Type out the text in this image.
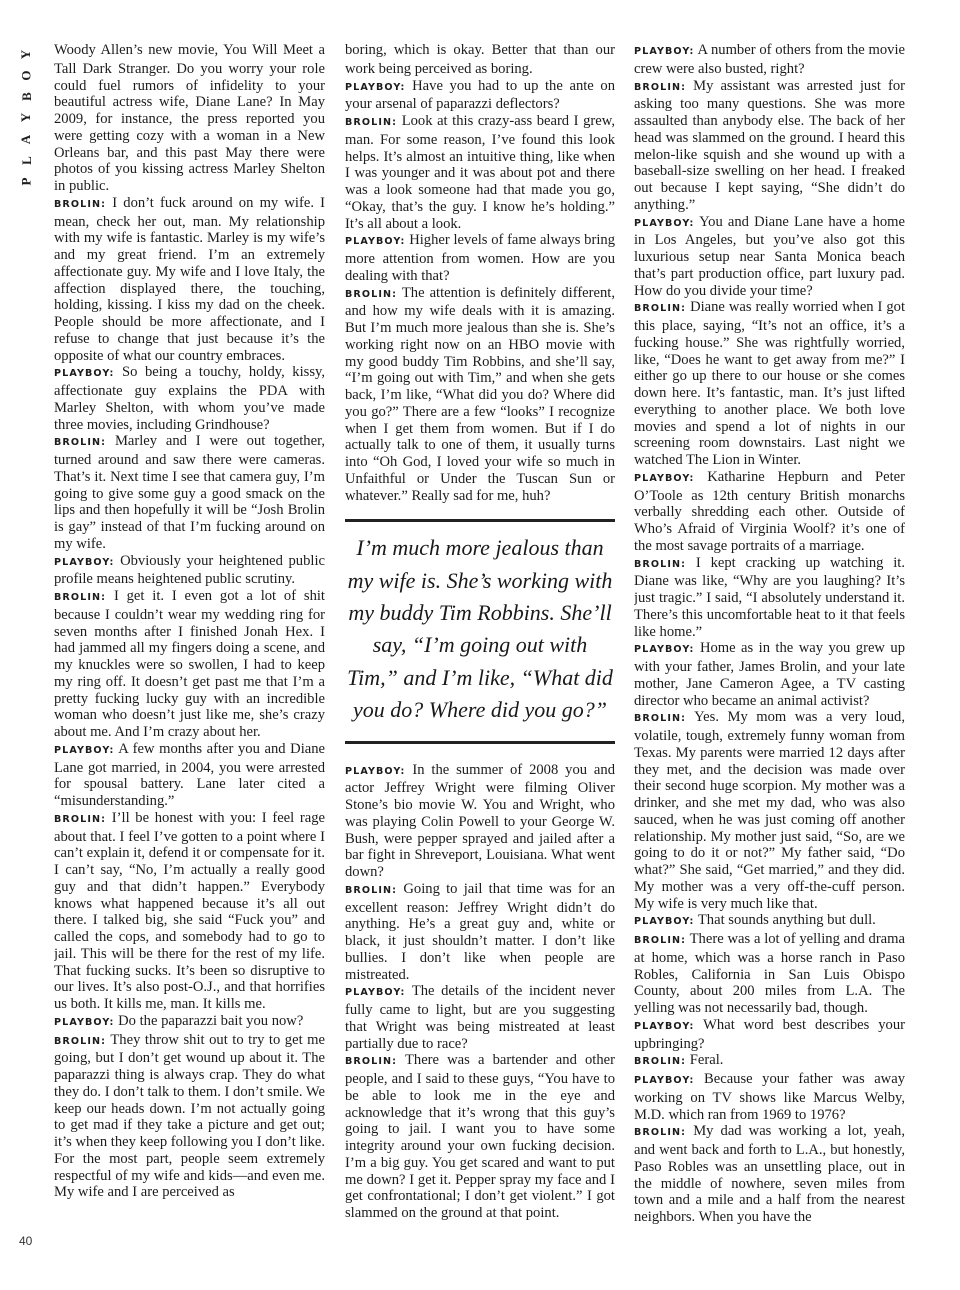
Y
O
B
Y
A
L
P
40

Woody Allen’s new movie, You Will Meet a Tall Dark Stranger. Do you worry your role could fuel rumors of infidelity to your beautiful actress wife, Diane Lane? In May 2009, for instance, the press reported you were getting cozy with a woman in a New Orleans bar, and this past May there were photos of you kissing actress Marley Shelton in public.

BROLIN: I don’t fuck around on my wife. I mean, check her out, man. My relationship with my wife is fantastic. Marley is my wife’s and my great friend. I’m an extremely affectionate guy. My wife and I love Italy, the affection displayed there, the touching, holding, kissing. I kiss my dad on the cheek. People should be more affectionate, and I refuse to change that just because it’s the opposite of what our country embraces.

PLAYBOY: So being a touchy, holdy, kissy, affectionate guy explains the PDA with Marley Shelton, with whom you’ve made three movies, including Grindhouse?

BROLIN: Marley and I were out together, turned around and saw there were cameras. That’s it. Next time I see that camera guy, I’m going to give some guy a good smack on the lips and then hopefully it will be “Josh Brolin is gay” instead of that I’m fucking around on my wife.

PLAYBOY: Obviously your heightened public profile means heightened public scrutiny.

BROLIN: I get it. I even got a lot of shit because I couldn’t wear my wedding ring for seven months after I finished Jonah Hex. I had jammed all my fingers doing a scene, and my knuckles were so swollen, I had to keep my ring off. It doesn’t get past me that I’m a pretty fucking lucky guy with an incredible woman who doesn’t just like me, she’s crazy about me. And I’m crazy about her.

PLAYBOY: A few months after you and Diane Lane got married, in 2004, you were arrested for spousal battery. Lane later cited a “misunderstanding.”

BROLIN: I’ll be honest with you: I feel rage about that. I feel I’ve gotten to a point where I can’t explain it, defend it or compensate for it. I can’t say, “No, I’m actually a really good guy and that didn’t happen.” Everybody knows what happened because it’s all out there. I talked big, she said “Fuck you” and called the cops, and somebody had to go to jail. This will be there for the rest of my life. That fucking sucks. It’s been so disruptive to our lives. It’s also post-O.J., and that horrifies us both. It kills me, man. It kills me.

PLAYBOY: Do the paparazzi bait you now?

BROLIN: They throw shit out to try to get me going, but I don’t get wound up about it. The paparazzi thing is always crap. They do what they do. I don’t talk to them. I don’t smile. We keep our heads down. I’m not actually going to get mad if they take a picture and get out; it’s when they keep following you I don’t like. For the most part, people seem extremely respectful of my wife and kids—and even me. My wife and I are perceived as

boring, which is okay. Better that than our work being perceived as boring.

PLAYBOY: Have you had to up the ante on your arsenal of paparazzi deflectors?

BROLIN: Look at this crazy-ass beard I grew, man. For some reason, I’ve found this look helps. It’s almost an intuitive thing, like when I was younger and it was about pot and there was a look someone had that made you go, “Okay, that’s the guy. I know he’s holding.” It’s all about a look.

PLAYBOY: Higher levels of fame always bring more attention from women. How are you dealing with that?

BROLIN: The attention is definitely different, and how my wife deals with it is amazing. But I’m much more jealous than she is. She’s working right now on an HBO movie with my good buddy Tim Robbins, and she’ll say, “I’m going out with Tim,” and when she gets back, I’m like, “What did you do? Where did you go?” There are a few “looks” I recognize when I get them from women. But if I do actually talk to one of them, it usually turns into “Oh God, I loved your wife so much in Unfaithful or Under the Tuscan Sun or whatever.” Really sad for me, huh?

I’m much more jealous than my wife is. She’s working with my buddy Tim Robbins. She’ll say, “I’m going out with Tim,” and I’m like, “What did you do? Where did you go?”

PLAYBOY: In the summer of 2008 you and actor Jeffrey Wright were filming Oliver Stone’s bio movie W. You and Wright, who was playing Colin Powell to your George W. Bush, were pepper sprayed and jailed after a bar fight in Shreveport, Louisiana. What went down?

BROLIN: Going to jail that time was for an excellent reason: Jeffrey Wright didn’t do anything. He’s a great guy and, white or black, it just shouldn’t matter. I don’t like bullies. I don’t like when people are mistreated.

PLAYBOY: The details of the incident never fully came to light, but are you suggesting that Wright was being mistreated at least partially due to race?

BROLIN: There was a bartender and other people, and I said to these guys, “You have to be able to look me in the eye and acknowledge that it’s wrong that this guy’s going to jail. I want you to have some integrity around your own fucking decision. I’m a big guy. You get scared and want to put me down? I get it. Pepper spray my face and I get confrontational; I don’t get violent.” I got slammed on the ground at that point.

PLAYBOY: A number of others from the movie crew were also busted, right?

BROLIN: My assistant was arrested just for asking too many questions. She was more assaulted than anybody else. The back of her head was slammed on the ground. I heard this melon-like squish and she wound up with a baseball-size swelling on her head. I freaked out because I kept saying, “She didn’t do anything.”

PLAYBOY: You and Diane Lane have a home in Los Angeles, but you’ve also got this luxurious setup near Santa Monica beach that’s part production office, part luxury pad. How do you divide your time?

BROLIN: Diane was really worried when I got this place, saying, “It’s not an office, it’s a fucking house.” She was rightfully worried, like, “Does he want to get away from me?” I either go up there to our house or she comes down here. It’s fantastic, man. It’s just lifted everything to another place. We both love movies and spend a lot of nights in our screening room downstairs. Last night we watched The Lion in Winter.

PLAYBOY: Katharine Hepburn and Peter O’Toole as 12th century British monarchs verbally shredding each other. Outside of Who’s Afraid of Virginia Woolf? it’s one of the most savage portraits of a marriage.

BROLIN: I kept cracking up watching it. Diane was like, “Why are you laughing? It’s just tragic.” I said, “I absolutely understand it. There’s this uncomfortable heat to it that feels like home.”

PLAYBOY: Home as in the way you grew up with your father, James Brolin, and your late mother, Jane Cameron Agee, a TV casting director who became an animal activist?

BROLIN: Yes. My mom was a very loud, volatile, tough, extremely funny woman from Texas. My parents were married 12 days after they met, and the decision was made over their second huge scorpion. My mother was a drinker, and she met my dad, who was also sauced, when he was just coming off another relationship. My mother just said, “So, are we going to do it or not?” My father said, “Do what?” She said, “Get married,” and they did. My mother was a very off-the-cuff person. My wife is very much like that.

PLAYBOY: That sounds anything but dull.

BROLIN: There was a lot of yelling and drama at home, which was a horse ranch in Paso Robles, California in San Luis Obispo County, about 200 miles from L.A. The yelling was not necessarily bad, though.

PLAYBOY: What word best describes your upbringing?

BROLIN: Feral.

PLAYBOY: Because your father was away working on TV shows like Marcus Welby, M.D. which ran from 1969 to 1976?

BROLIN: My dad was working a lot, yeah, and went back and forth to L.A., but honestly, Paso Robles was an unsettling place, out in the middle of nowhere, seven miles from town and a mile and a half from the nearest neighbors. When you have the
